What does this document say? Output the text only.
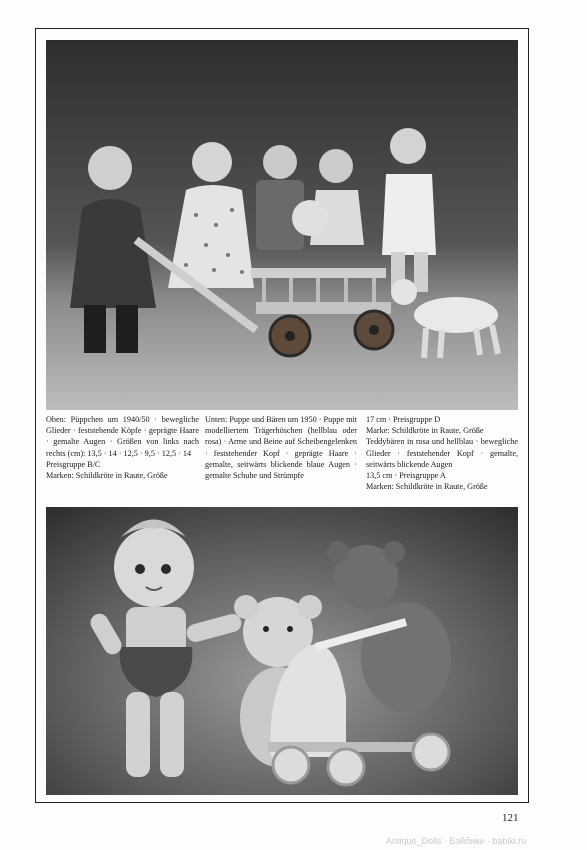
Oben: Püppchen um 1940/50 · bewegliche Glieder · feststehende Köpfe · geprägte Haare · gemalte Augen · Größen von links nach rechts (cm): 13,5 · 14 · 12,5 · 9,5 · 12,5 · 14

Preisgruppe B/C

Marken: Schildkröte in Raute, Größe

Unten: Puppe und Bären um 1950 · Puppe mit modelliertem Trägerhöschen (hellblau oder rosa) · Arme und Beine auf Scheibengelenken · feststehender Kopf · geprägte Haare · gemalte, seitwärts blickende blaue Augen · gemalte Schuhe und Strümpfe

17 cm · Preisgruppe D

Marke: Schildkröte in Raute, Größe

Teddybären in rosa und hellblau · bewegliche Glieder · feststehender Kopf · gemalte, seitwärts blickende Augen

13,5 cm · Preisgruppe A

Marken: Schildkröte in Raute, Größe

121
Antique_Dolls · Бэйбики · babiki.ru
